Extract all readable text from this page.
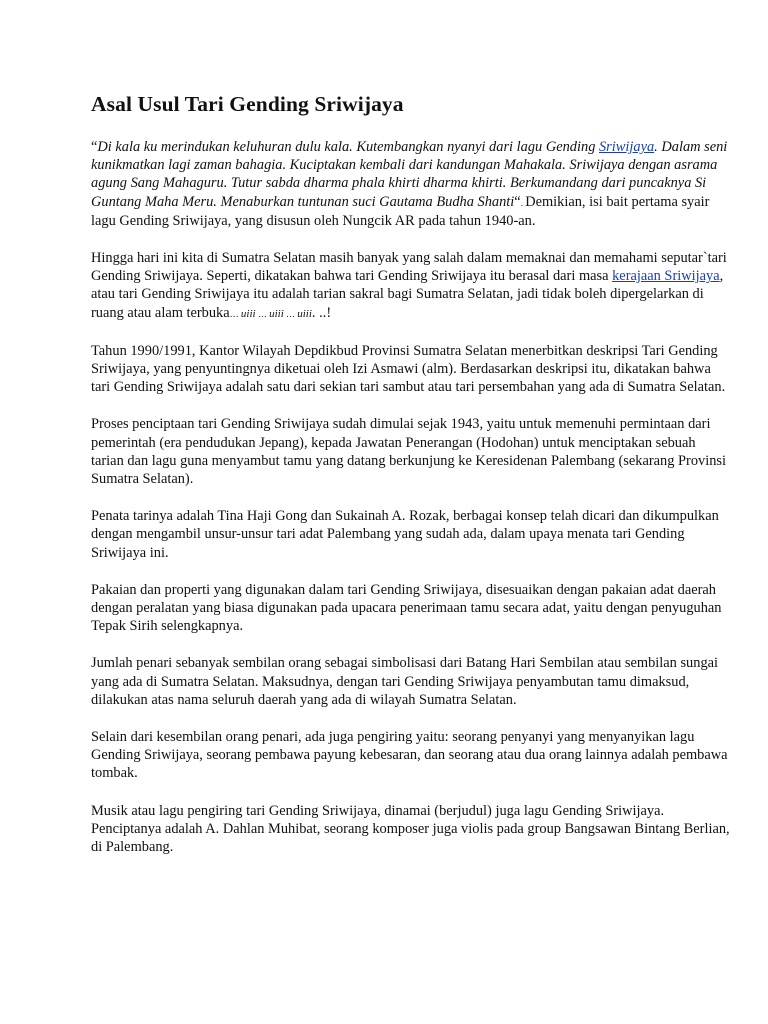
Asal Usul Tari Gending Sriwijaya

“Di kala ku merindukan keluhuran dulu kala. Kutembangkan nyanyi dari lagu Gending Sriwijaya. Dalam seni kunikmatkan lagi zaman bahagia. Kuciptakan kembali dari kandungan Mahakala. Sriwijaya dengan asrama agung Sang Mahaguru. Tutur sabda dharma phala khirti dharma khirti. Berkumandang dari puncaknya Si Guntang Maha Meru. Menaburkan tuntunan suci Gautama Budha Shanti“. Demikian, isi bait pertama syair lagu Gending Sriwijaya, yang disusun oleh Nungcik AR pada tahun 1940-an.

Hingga hari ini kita di Sumatra Selatan masih banyak yang salah dalam memaknai dan memahami seputar`tari Gending Sriwijaya. Seperti, dikatakan bahwa tari Gending Sriwijaya itu berasal dari masa kerajaan Sriwijaya, atau tari Gending Sriwijaya itu adalah tarian sakral bagi Sumatra Selatan, jadi tidak boleh dipergelarkan di ruang atau alam terbuka… uiii … uiii … uiii. ..!

Tahun 1990/1991, Kantor Wilayah Depdikbud Provinsi Sumatra Selatan menerbitkan deskripsi Tari Gending Sriwijaya, yang penyuntingnya diketuai oleh Izi Asmawi (alm). Berdasarkan deskripsi itu, dikatakan bahwa tari Gending Sriwijaya adalah satu dari sekian tari sambut atau tari persembahan yang ada di Sumatra Selatan.

Proses penciptaan tari Gending Sriwijaya sudah dimulai sejak 1943, yaitu untuk memenuhi permintaan dari pemerintah (era pendudukan Jepang), kepada Jawatan Penerangan (Hodohan) untuk menciptakan sebuah tarian dan lagu guna menyambut tamu yang datang berkunjung ke Keresidenan Palembang (sekarang Provinsi Sumatra Selatan).

Penata tarinya adalah Tina Haji Gong dan Sukainah A. Rozak, berbagai konsep telah dicari dan dikumpulkan dengan mengambil unsur-unsur tari adat Palembang yang sudah ada, dalam upaya menata tari Gending Sriwijaya ini.

Pakaian dan properti yang digunakan dalam tari Gending Sriwijaya, disesuaikan dengan pakaian adat daerah dengan peralatan yang biasa digunakan pada upacara penerimaan tamu secara adat, yaitu dengan penyuguhan Tepak Sirih selengkapnya.

Jumlah penari sebanyak sembilan orang sebagai simbolisasi dari Batang Hari Sembilan atau sembilan sungai yang ada di Sumatra Selatan. Maksudnya, dengan tari Gending Sriwijaya penyambutan tamu dimaksud, dilakukan atas nama seluruh daerah yang ada di wilayah Sumatra Selatan.

Selain dari kesembilan orang penari, ada juga pengiring yaitu: seorang penyanyi yang menyanyikan lagu Gending Sriwijaya, seorang pembawa payung kebesaran, dan seorang atau dua orang lainnya adalah pembawa tombak.

Musik atau lagu pengiring tari Gending Sriwijaya, dinamai (berjudul) juga lagu Gending Sriwijaya. Penciptanya adalah A. Dahlan Muhibat, seorang komposer juga violis pada group Bangsawan Bintang Berlian, di Palembang.
